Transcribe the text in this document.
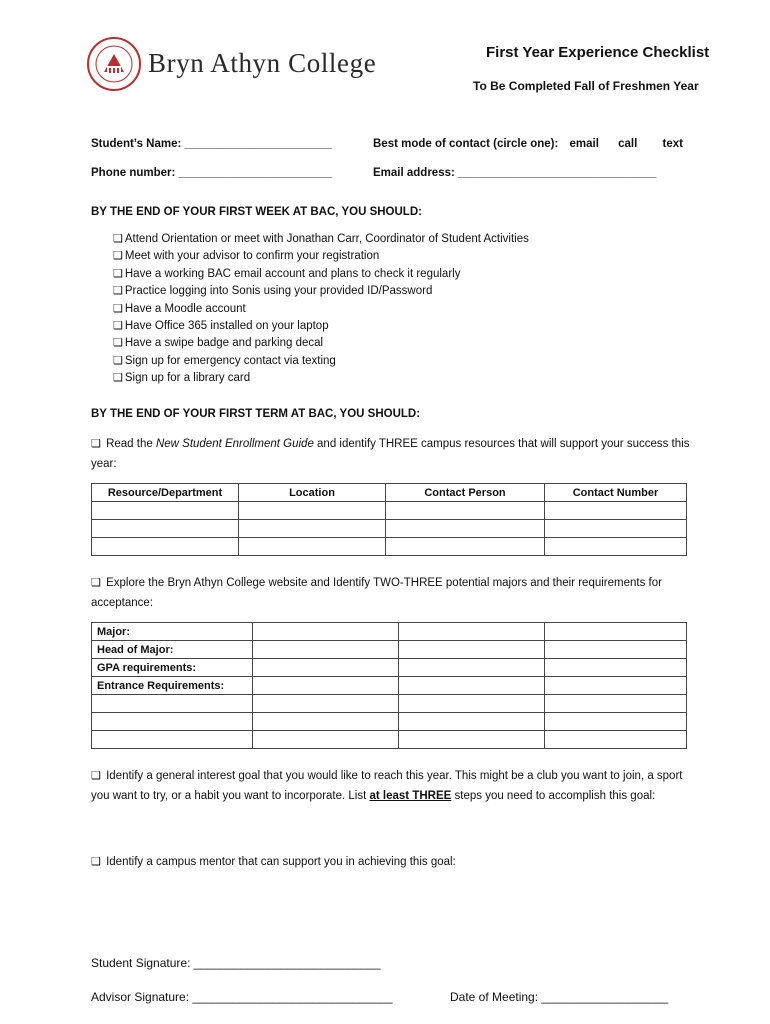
Bryn Athyn College	First Year Experience Checklist
To Be Completed Fall of Freshmen Year
Student’s Name: _______________________	Best mode of contact (circle one): email call text
Phone number: ________________________	Email address: _______________________________
BY THE END OF YOUR FIRST WEEK AT BAC, YOU SHOULD:
❑ Attend Orientation or meet with Jonathan Carr, Coordinator of Student Activities
❑ Meet with your advisor to confirm your registration
❑ Have a working BAC email account and plans to check it regularly
❑ Practice logging into Sonis using your provided ID/Password
❑ Have a Moodle account
❑ Have Office 365 installed on your laptop
❑ Have a swipe badge and parking decal
❑ Sign up for emergency contact via texting
❑ Sign up for a library card
BY THE END OF YOUR FIRST TERM AT BAC, YOU SHOULD:
❑ Read the New Student Enrollment Guide and identify THREE campus resources that will support your success this year:
Resource/Department	Location	Contact Person	Contact Number

❑ Explore the Bryn Athyn College website and Identify TWO-THREE potential majors and their requirements for acceptance:
Major:			
Head of Major:			
GPA requirements:			
Entrance Requirements:			

❑ Identify a general interest goal that you would like to reach this year. This might be a club you want to join, a sport you want to try, or a habit you want to incorporate. List at least THREE steps you need to accomplish this goal:
❑ Identify a campus mentor that can support you in achieving this goal:
Student Signature: ____________________________
Advisor Signature: ______________________________	Date of Meeting: ___________________
